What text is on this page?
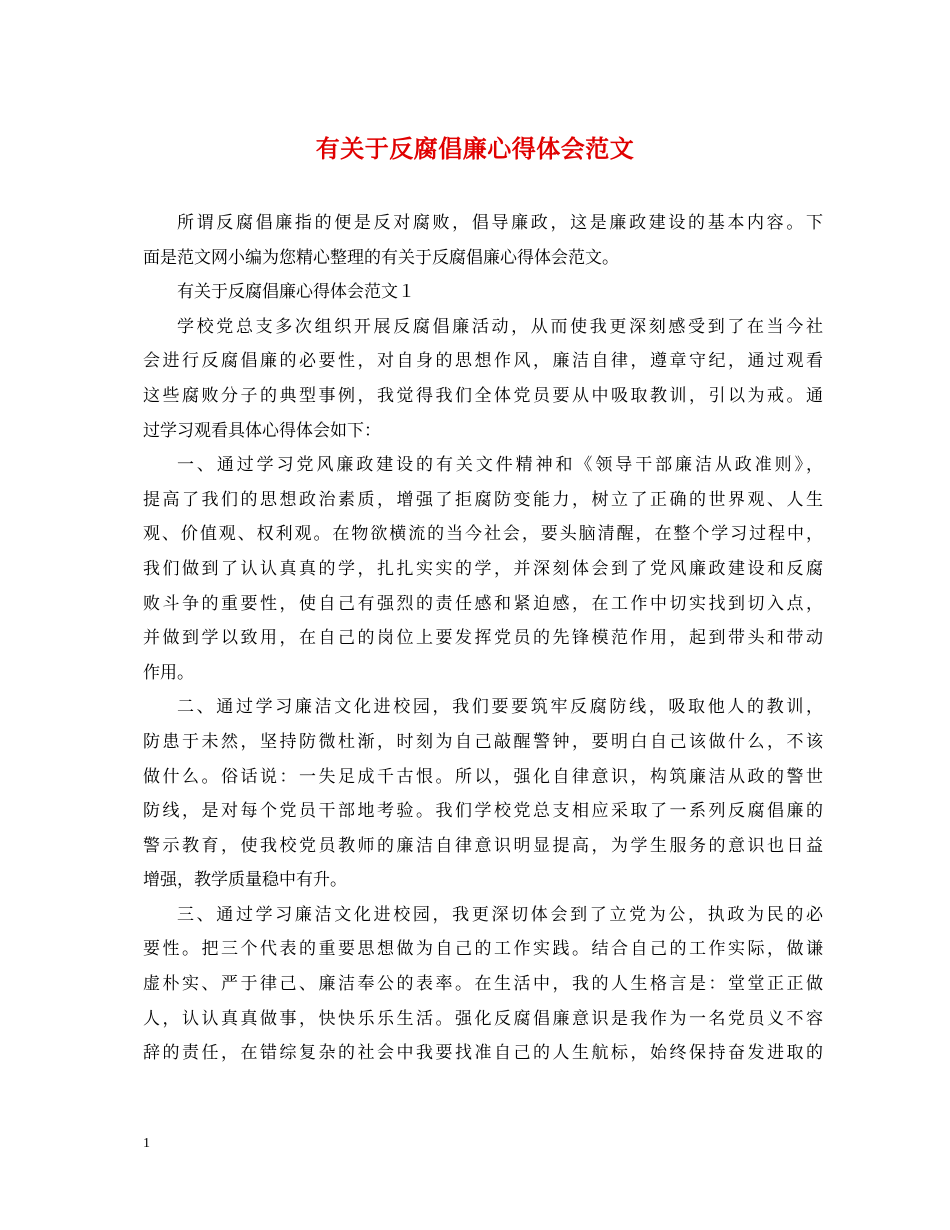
有关于反腐倡廉心得体会范文
所谓反腐倡廉指的便是反对腐败，倡导廉政，这是廉政建设的基本内容。下
面是范文网小编为您精心整理的有关于反腐倡廉心得体会范文。
有关于反腐倡廉心得体会范文１
学校党总支多次组织开展反腐倡廉活动，从而使我更深刻感受到了在当今社
会进行反腐倡廉的必要性，对自身的思想作风，廉洁自律，遵章守纪，通过观看
这些腐败分子的典型事例，我觉得我们全体党员要从中吸取教训，引以为戒。通
过学习观看具体心得体会如下：
一、通过学习党风廉政建设的有关文件精神和《领导干部廉洁从政准则》，
提高了我们的思想政治素质，增强了拒腐防变能力，树立了正确的世界观、人生
观、价值观、权利观。在物欲横流的当今社会，要头脑清醒，在整个学习过程中，
我们做到了认认真真的学，扎扎实实的学，并深刻体会到了党风廉政建设和反腐
败斗争的重要性，使自己有强烈的责任感和紧迫感，在工作中切实找到切入点，
并做到学以致用，在自己的岗位上要发挥党员的先锋模范作用，起到带头和带动
作用。
二、通过学习廉洁文化进校园，我们要要筑牢反腐防线，吸取他人的教训，
防患于未然，坚持防微杜渐，时刻为自己敲醒警钟，要明白自己该做什么，不该
做什么。俗话说：一失足成千古恨。所以，强化自律意识，构筑廉洁从政的警世
防线，是对每个党员干部地考验。我们学校党总支相应采取了一系列反腐倡廉的
警示教育，使我校党员教师的廉洁自律意识明显提高，为学生服务的意识也日益
增强，教学质量稳中有升。
三、通过学习廉洁文化进校园，我更深切体会到了立党为公，执政为民的必
要性。把三个代表的重要思想做为自己的工作实践。结合自己的工作实际，做谦
虚朴实、严于律己、廉洁奉公的表率。在生活中，我的人生格言是：堂堂正正做
人，认认真真做事，快快乐乐生活。强化反腐倡廉意识是我作为一名党员义不容
辞的责任，在错综复杂的社会中我要找准自己的人生航标，始终保持奋发进取的
1
